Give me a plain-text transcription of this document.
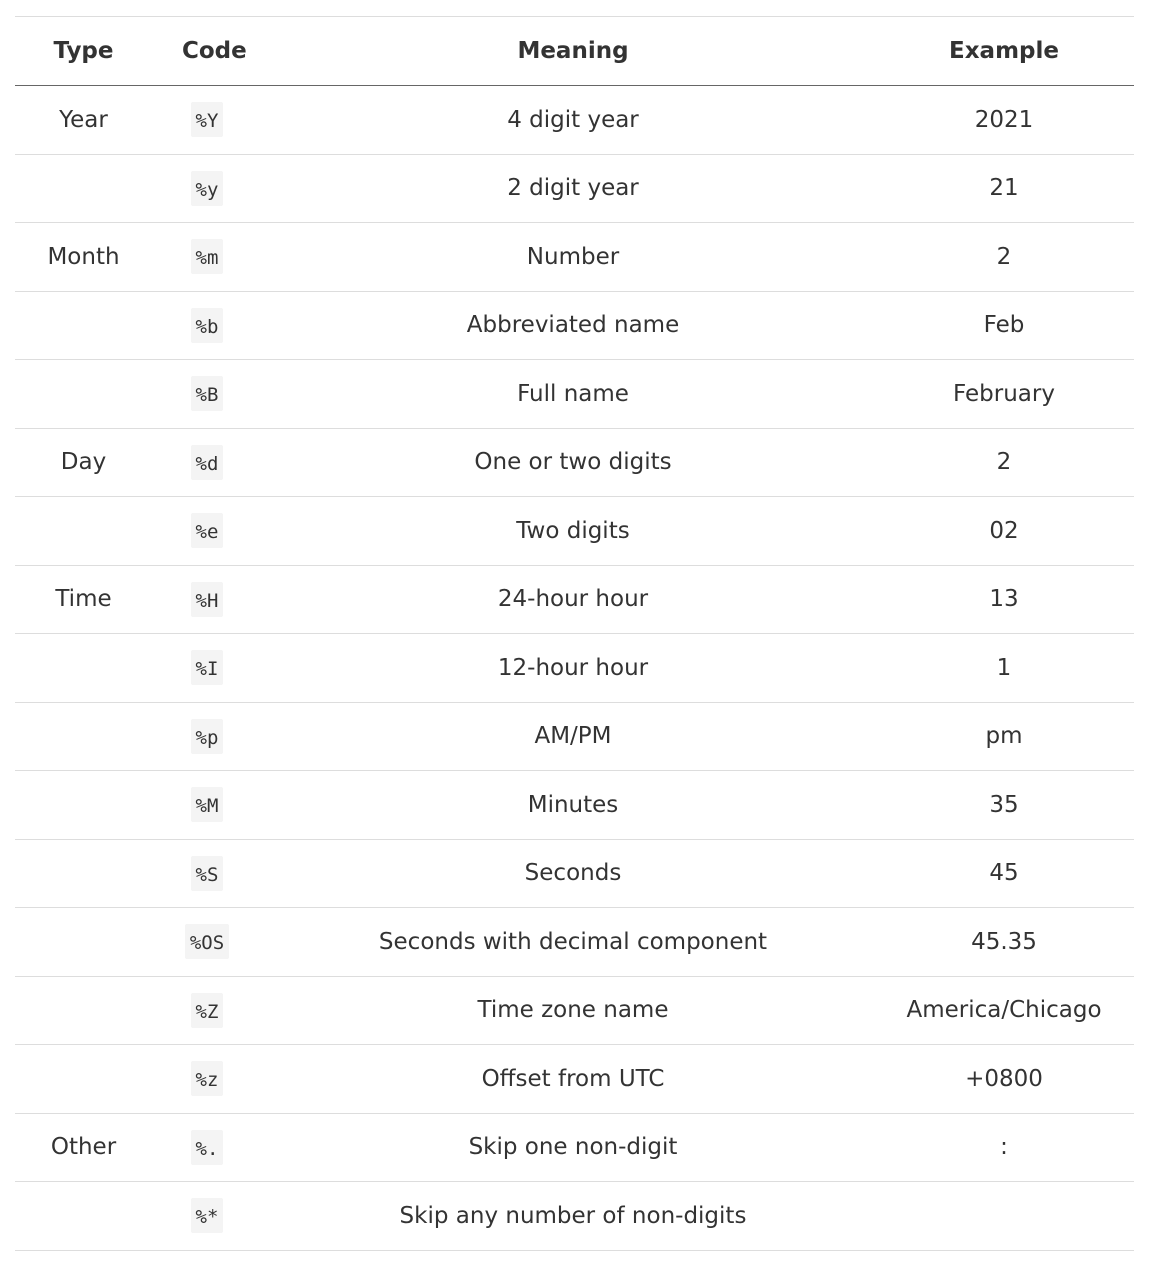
Type	Code	Meaning	Example
Year	%Y	4 digit year	2021
	%y	2 digit year	21
Month	%m	Number	2
	%b	Abbreviated name	Feb
	%B	Full name	February
Day	%d	One or two digits	2
	%e	Two digits	02
Time	%H	24-hour hour	13
	%I	12-hour hour	1
	%p	AM/PM	pm
	%M	Minutes	35
	%S	Seconds	45
	%OS	Seconds with decimal component	45.35
	%Z	Time zone name	America/Chicago
	%z	Offset from UTC	+0800
Other	%.	Skip one non-digit	:
	%*	Skip any number of non-digits	
